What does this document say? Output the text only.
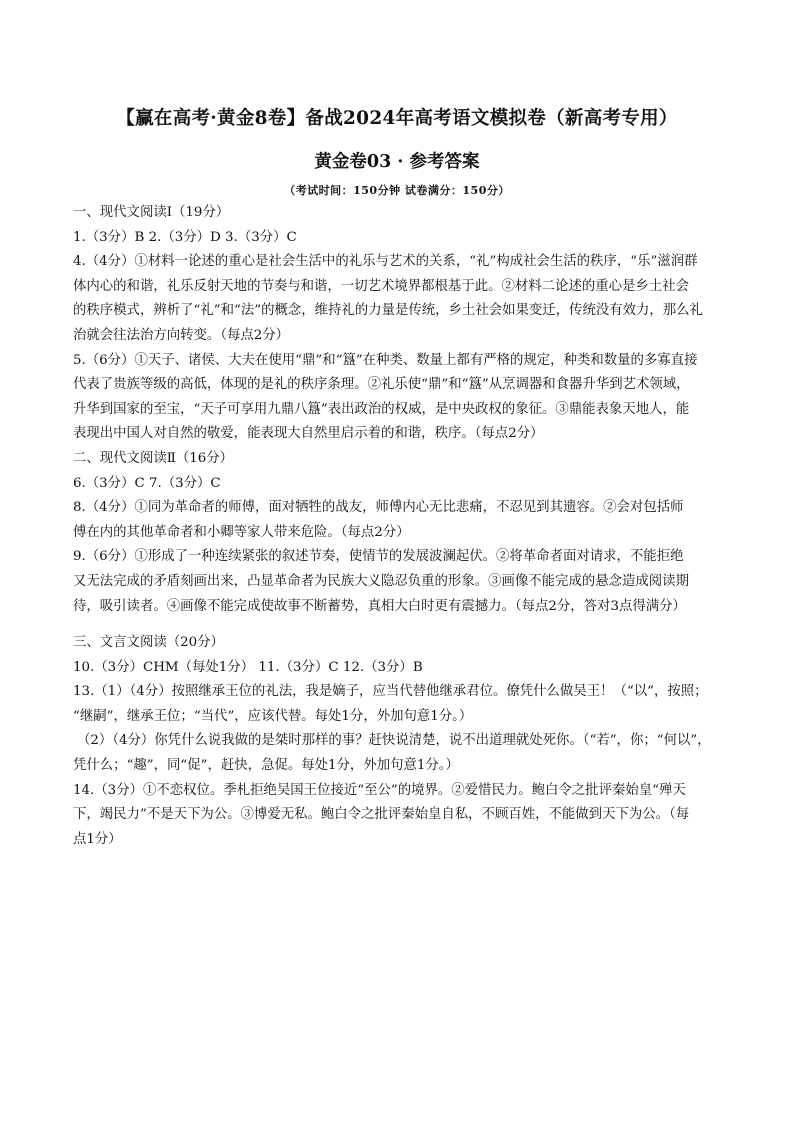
【赢在高考·黄金8卷】备战2024年高考语文模拟卷（新高考专用）
黄金卷03 · 参考答案
（考试时间：150分钟 试卷满分：150分）

一、现代文阅读Ⅰ（19分）

1.（3分）B 2.（3分）D 3.（3分）C

4.（4分）①材料一论述的重心是社会生活中的礼乐与艺术的关系，“礼”构成社会生活的秩序，“乐”滋润群

体内心的和谐，礼乐反射天地的节奏与和谐，一切艺术境界都根基于此。②材料二论述的重心是乡土社会

的秩序模式，辨析了“礼”和“法”的概念，维持礼的力量是传统，乡土社会如果变迁，传统没有效力，那么礼

治就会往法治方向转变。（每点2分）

5.（6分）①天子、诸侯、大夫在使用“鼎”和“簋”在种类、数量上都有严格的规定，种类和数量的多寡直接

代表了贵族等级的高低，体现的是礼的秩序条理。②礼乐使“鼎”和“簋”从烹调器和食器升华到艺术领域，

升华到国家的至宝，“天子可享用九鼎八簋”表出政治的权威，是中央政权的象征。③鼎能表象天地人，能

表现出中国人对自然的敬爱，能表现大自然里启示着的和谐，秩序。（每点2分）

二、现代文阅读Ⅱ（16分）

6.（3分）C 7.（3分）C

8.（4分）①同为革命者的师傅，面对牺牲的战友，师傅内心无比悲痛，不忍见到其遗容。②会对包括师

傅在内的其他革命者和小卿等家人带来危险。（每点2分）

9.（6分）①形成了一种连续紧张的叙述节奏，使情节的发展波澜起伏。②将革命者面对请求，不能拒绝

又无法完成的矛盾刻画出来，凸显革命者为民族大义隐忍负重的形象。③画像不能完成的悬念造成阅读期

待，吸引读者。④画像不能完成使故事不断蓄势，真相大白时更有震撼力。（每点2分，答对3点得满分）

三、文言文阅读（20分）

10.（3分）CHM（每处1分） 11.（3分）C 12.（3分）B

13.（1）（4分）按照继承王位的礼法，我是嫡子，应当代替他继承君位。僚凭什么做吴王！（“以”，按照；

“继嗣”，继承王位；“当代”，应该代替。每处1分，外加句意1分。）

（2）（4分）你凭什么说我做的是桀时那样的事？赶快说清楚，说不出道理就处死你。（“若”，你；“何以”，

凭什么；“趣”，同“促”，赶快，急促。每处1分，外加句意1分。）

14.（3分）①不恋权位。季札拒绝吴国王位接近“至公”的境界。②爱惜民力。鲍白令之批评秦始皇“殚天

下，竭民力”不是天下为公。③博爱无私。鲍白令之批评秦始皇自私，不顾百姓，不能做到天下为公。（每

点1分）
